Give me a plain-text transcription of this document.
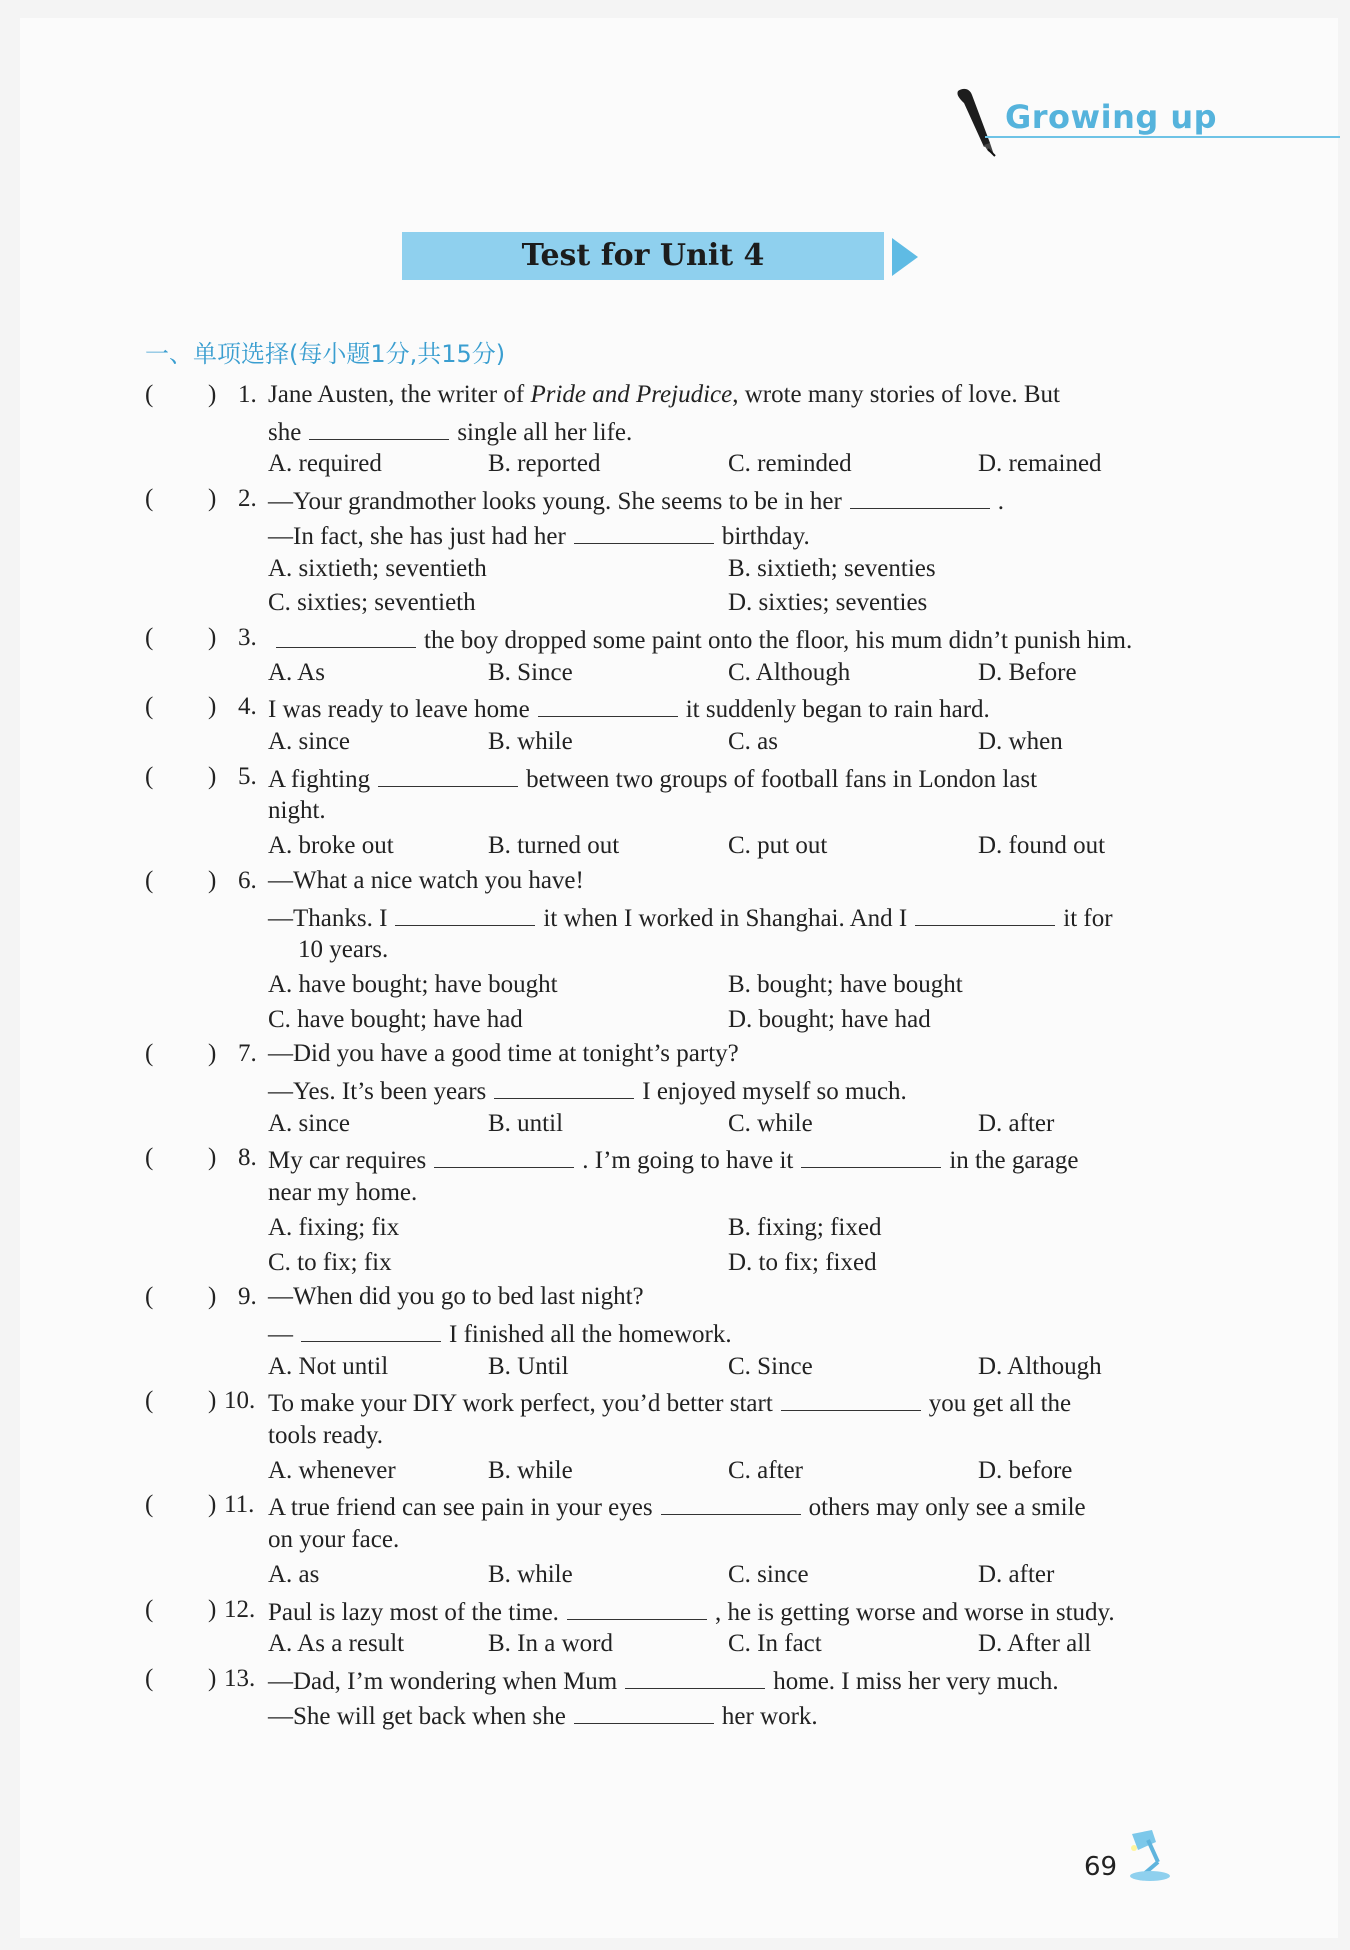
Growing up
Test for Unit 4
一、单项选择(每小题1分,共15分)
( ) 1. Jane Austen, the writer of Pride and Prejudice, wrote many stories of love. But
she	single all her life.
A. required	B. reported	C. reminded	D. remained
( ) 2. —Your grandmother looks young. She seems to be in her	.
—In fact, she has just had her	birthday.
A. sixtieth; seventieth	B. sixtieth; seventies
C. sixties; seventieth	D. sixties; seventies
( ) 3.	the boy dropped some paint onto the floor, his mum didn’t punish him.
A. As	B. Since	C. Although	D. Before
( ) 4. I was ready to leave home	it suddenly began to rain hard.
A. since	B. while	C. as	D. when
( ) 5. A fighting	between two groups of football fans in London last
night.
A. broke out	B. turned out	C. put out	D. found out
( ) 6. —What a nice watch you have!
—Thanks. I	it when I worked in Shanghai. And I	it for
10 years.
A. have bought; have bought	B. bought; have bought
C. have bought; have had	D. bought; have had
( ) 7. —Did you have a good time at tonight’s party?
—Yes. It’s been years	I enjoyed myself so much.
A. since	B. until	C. while	D. after
( ) 8. My car requires	. I’m going to have it	in the garage
near my home.
A. fixing; fix	B. fixing; fixed
C. to fix; fix	D. to fix; fixed
( ) 9. —When did you go to bed last night?
—	I finished all the homework.
A. Not until	B. Until	C. Since	D. Although
( ) 10. To make your DIY work perfect, you’d better start	you get all the
tools ready.
A. whenever	B. while	C. after	D. before
( ) 11. A true friend can see pain in your eyes	others may only see a smile
on your face.
A. as	B. while	C. since	D. after
( ) 12. Paul is lazy most of the time.	, he is getting worse and worse in study.
A. As a result	B. In a word	C. In fact	D. After all
( ) 13. —Dad, I’m wondering when Mum	home. I miss her very much.
—She will get back when she	her work.
69
